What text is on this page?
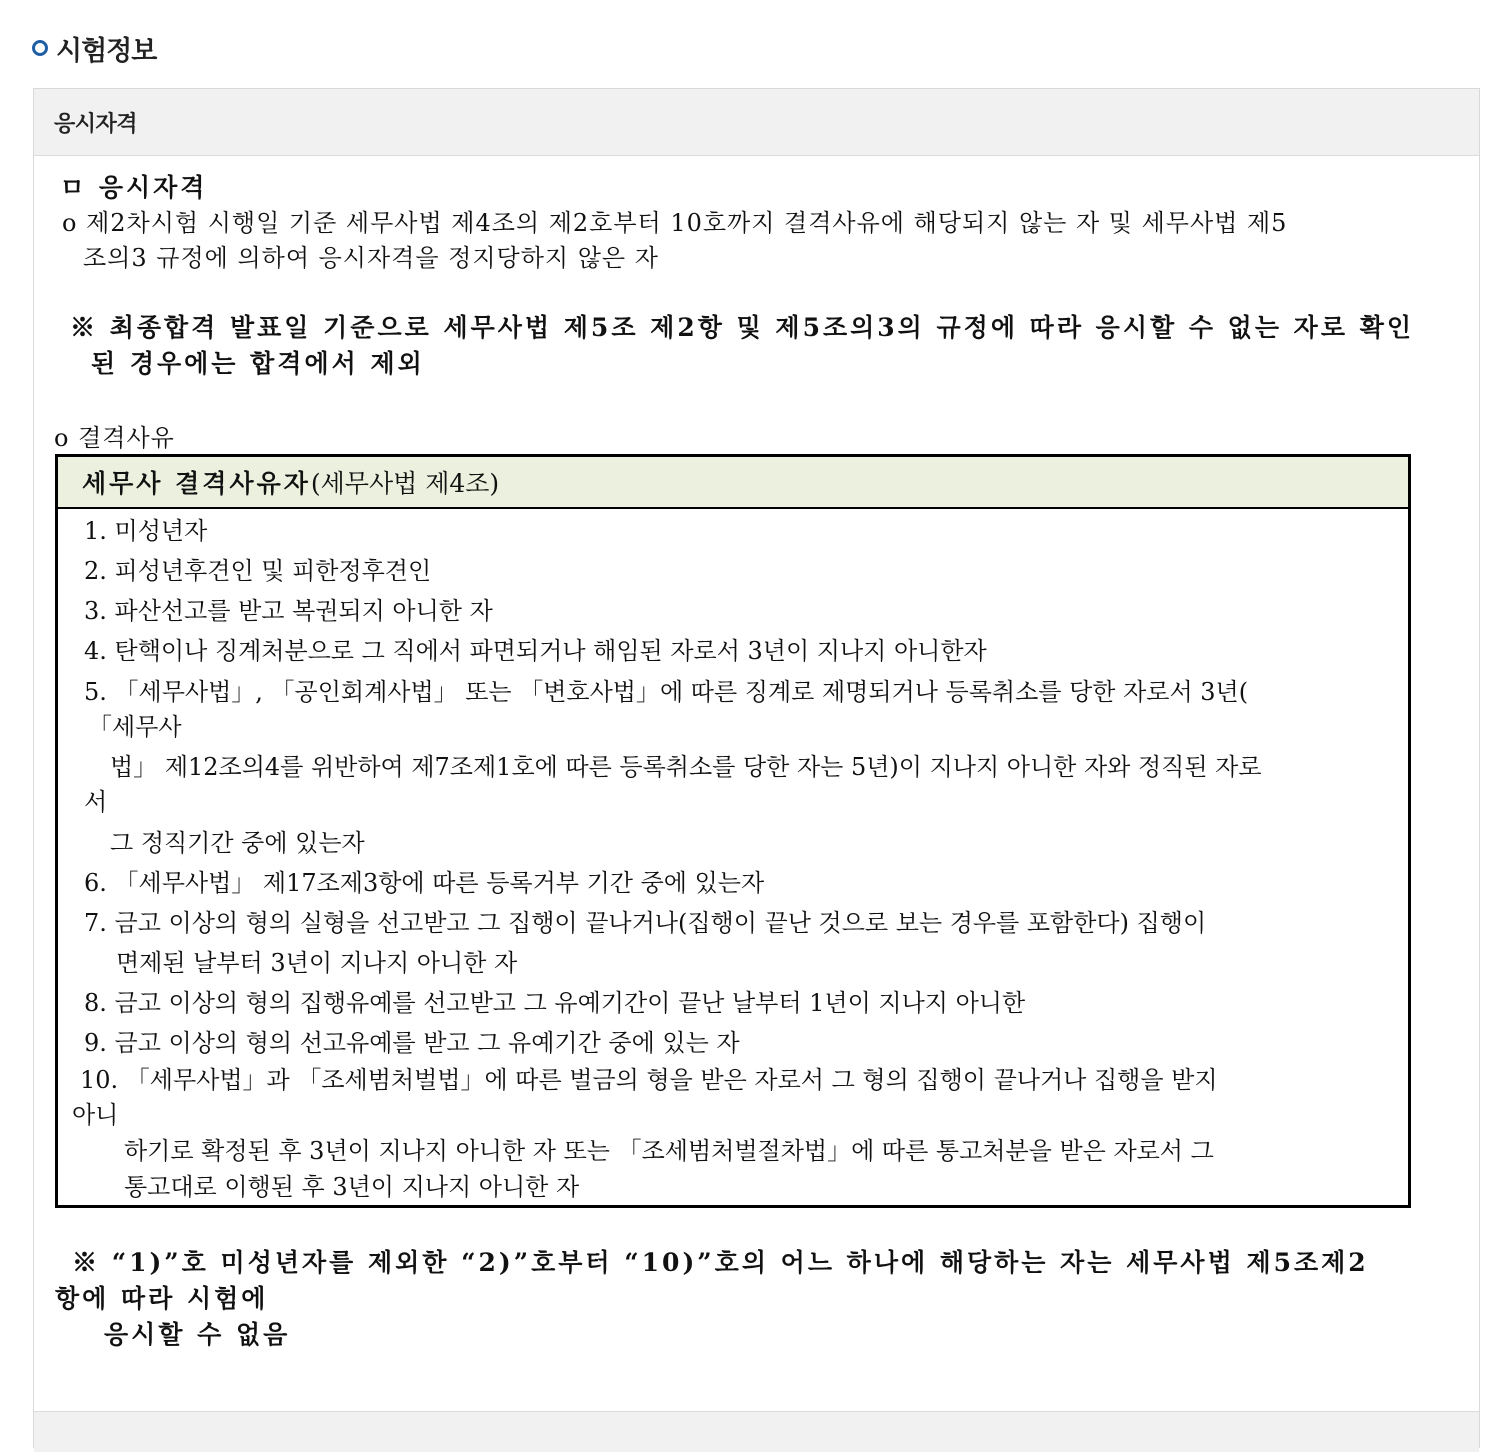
시험정보
응시자격
ㅁ 응시자격
o 제2차시험 시행일 기준 세무사법 제4조의 제2호부터 10호까지 결격사유에 해당되지 않는 자 및 세무사법 제5
조의3 규정에 의하여 응시자격을 정지당하지 않은 자
※ 최종합격 발표일 기준으로 세무사법 제5조 제2항 및 제5조의3의 규정에 따라 응시할 수 없는 자로 확인
된 경우에는 합격에서 제외
o 결격사유
세무사 결격사유자 (세무사법 제4조)
1. 미성년자
2. 피성년후견인 및 피한정후견인
3. 파산선고를 받고 복권되지 아니한 자
4. 탄핵이나 징계처분으로 그 직에서 파면되거나 해임된 자로서 3년이 지나지 아니한자
5. 「세무사법」, 「공인회계사법」 또는 「변호사법」에 따른 징계로 제명되거나 등록취소를 당한 자로서 3년(
「세무사
법」 제12조의4를 위반하여 제7조제1호에 따른 등록취소를 당한 자는 5년)이 지나지 아니한 자와 정직된 자로
서
그 정직기간 중에 있는자
6. 「세무사법」 제17조제3항에 따른 등록거부 기간 중에 있는자
7. 금고 이상의 형의 실형을 선고받고 그 집행이 끝나거나(집행이 끝난 것으로 보는 경우를 포함한다) 집행이
면제된 날부터 3년이 지나지 아니한 자
8. 금고 이상의 형의 집행유예를 선고받고 그 유예기간이 끝난 날부터 1년이 지나지 아니한
9. 금고 이상의 형의 선고유예를 받고 그 유예기간 중에 있는 자
10. 「세무사법」과 「조세범처벌법」에 따른 벌금의 형을 받은 자로서 그 형의 집행이 끝나거나 집행을 받지
아니
하기로 확정된 후 3년이 지나지 아니한 자 또는 「조세범처벌절차법」에 따른 통고처분을 받은 자로서 그
통고대로 이행된 후 3년이 지나지 아니한 자
※ “1)”호 미성년자를 제외한 “2)”호부터 “10)”호의 어느 하나에 해당하는 자는 세무사법 제5조제2
항에 따라 시험에
응시할 수 없음
